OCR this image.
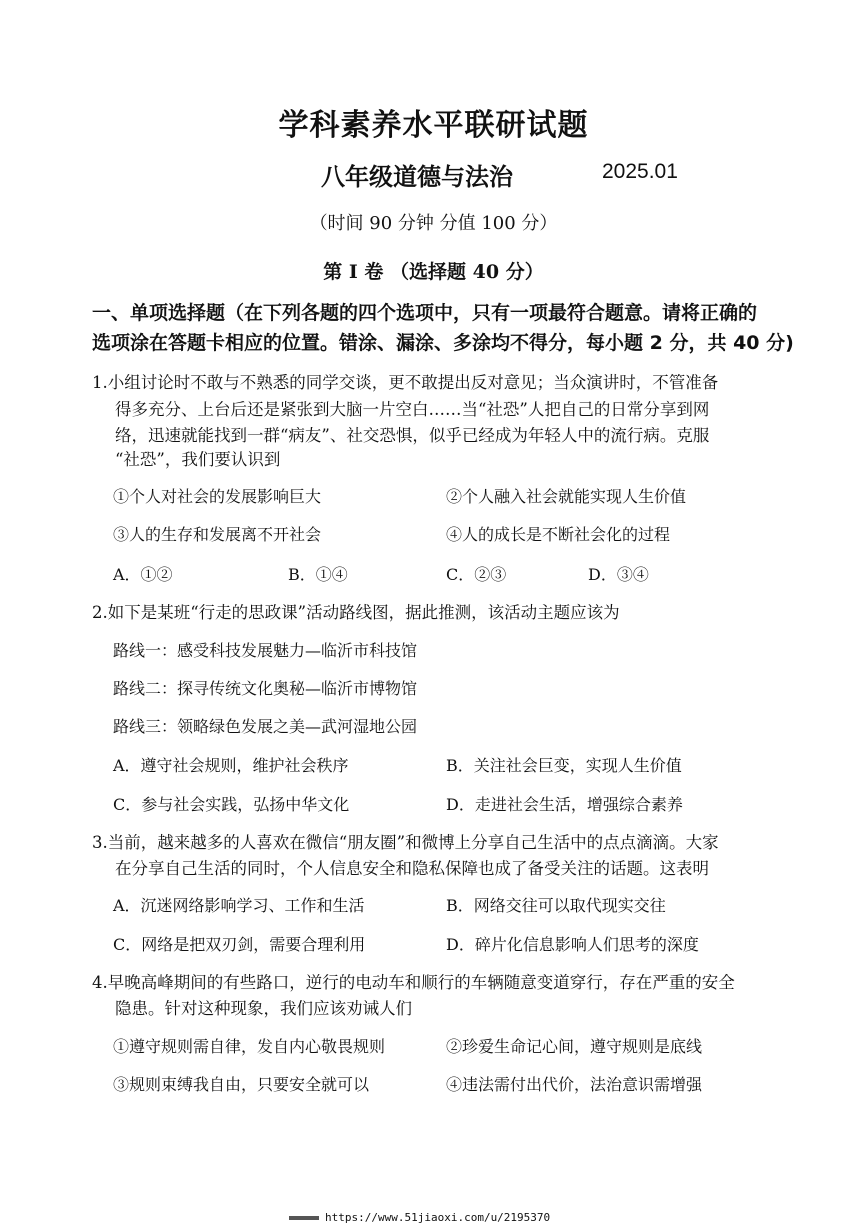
学科素养水平联研试题
八年级道德与法治	2025.01
（时间 90 分钟 分值 100 分）
第 Ⅰ 卷 （选择题 40 分）
一、单项选择题（在下列各题的四个选项中，只有一项最符合题意。请将正确的
选项涂在答题卡相应的位置。错涂、漏涂、多涂均不得分，每小题 2 分，共 40 分)
1.小组讨论时不敢与不熟悉的同学交谈，更不敢提出反对意见；当众演讲时，不管准备
得多充分、上台后还是紧张到大脑一片空白……当“社恐”人把自己的日常分享到网
络，迅速就能找到一群“病友”、社交恐惧，似乎已经成为年轻人中的流行病。克服
“社恐”，我们要认识到
①个人对社会的发展影响巨大	②个人融入社会就能实现人生价值
③人的生存和发展离不开社会	④人的成长是不断社会化的过程
A．①②	B．①④	C．②③	D．③④
2.如下是某班“行走的思政课”活动路线图，据此推测，该活动主题应该为
路线一：感受科技发展魅力—临沂市科技馆
路线二：探寻传统文化奥秘—临沂市博物馆
路线三：领略绿色发展之美—武河湿地公园
A．遵守社会规则，维护社会秩序	B．关注社会巨变，实现人生价值
C．参与社会实践，弘扬中华文化	D．走进社会生活，增强综合素养
3.当前，越来越多的人喜欢在微信“朋友圈”和微博上分享自己生活中的点点滴滴。大家
在分享自己生活的同时，个人信息安全和隐私保障也成了备受关注的话题。这表明
A．沉迷网络影响学习、工作和生活	B．网络交往可以取代现实交往
C．网络是把双刃剑，需要合理利用	D．碎片化信息影响人们思考的深度
4.早晚高峰期间的有些路口，逆行的电动车和顺行的车辆随意变道穿行，存在严重的安全
隐患。针对这种现象，我们应该劝诫人们
①遵守规则需自律，发自内心敬畏规则	②珍爱生命记心间，遵守规则是底线
③规则束缚我自由，只要安全就可以	④违法需付出代价，法治意识需增强
https://www.51jiaoxi.com/u/2195370
